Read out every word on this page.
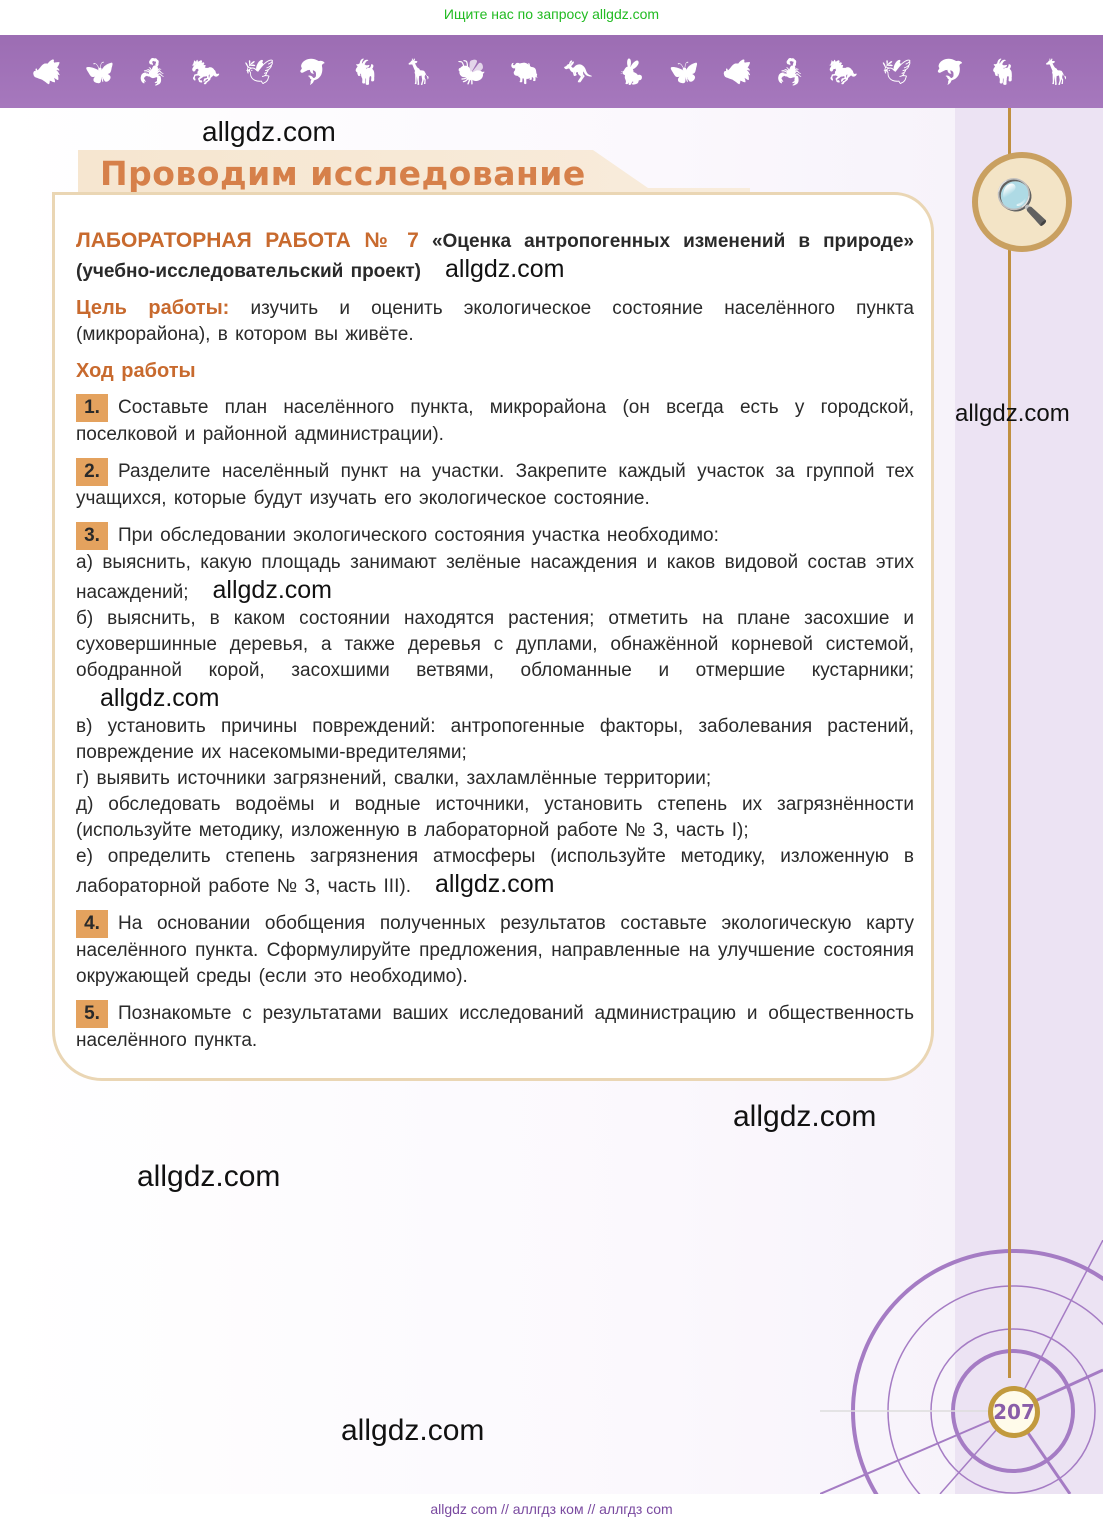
Ищите нас по запросу allgdz.com
🐗 🦋 🦂 🐎 🕊 🐬 🐐 🦒 🐝 🐃 🦘 🐇 🦋 🐗 🦂 🐎 🕊 🐬 🐐 🦒
🔍
207
ЛАБОРАТОРНАЯ РАБОТА № 7 «Оценка антропогенных изменений в природе» (учебно-исследовательский проект) allgdz.com

Цель работы: изучить и оценить экологическое состояние населённого пункта (микрорайона), в котором вы живёте.

Ход работы

1. Составьте план населённого пункта, микрорайона (он всегда есть у городской, поселковой и районной администрации).

2. Разделите населённый пункт на участки. Закрепите каждый участок за группой тех учащихся, которые будут изучать его экологическое состояние.

3. При обследовании экологического состояния участка необходимо:

а) выяснить, какую площадь занимают зелёные насаждения и каков видовой состав этих насаждений; allgdz.com
б) выяснить, в каком состоянии находятся растения; отметить на плане засохшие и суховершинные деревья, а также деревья с дуплами, обнажённой корневой системой, ободранной корой, засохшими ветвями, обломанные и отмершие кустарники;allgdz.com
в) установить причины повреждений: антропогенные факторы, заболевания растений, повреждение их насекомыми-вредителями;
г) выявить источники загрязнений, свалки, захламлённые территории;
д) обследовать водоёмы и водные источники, установить степень их загрязнённости (используйте методику, изложенную в лабораторной работе № 3, часть I);
е) определить степень загрязнения атмосферы (используйте методику, изложенную в лабораторной работе № 3, часть III). allgdz.com

4. На основании обобщения полученных результатов составьте экологическую карту населённого пункта. Сформулируйте предложения, направленные на улучшение состояния окружающей среды (если это необходимо).

5. Познакомьте с результатами ваших исследований администрацию и общественность населённого пункта.

Проводим исследование
allgdz.com
allgdz.com
allgdz.com
allgdz.com
allgdz.com
allgdz com // аллгдз ком // аллгдз com
